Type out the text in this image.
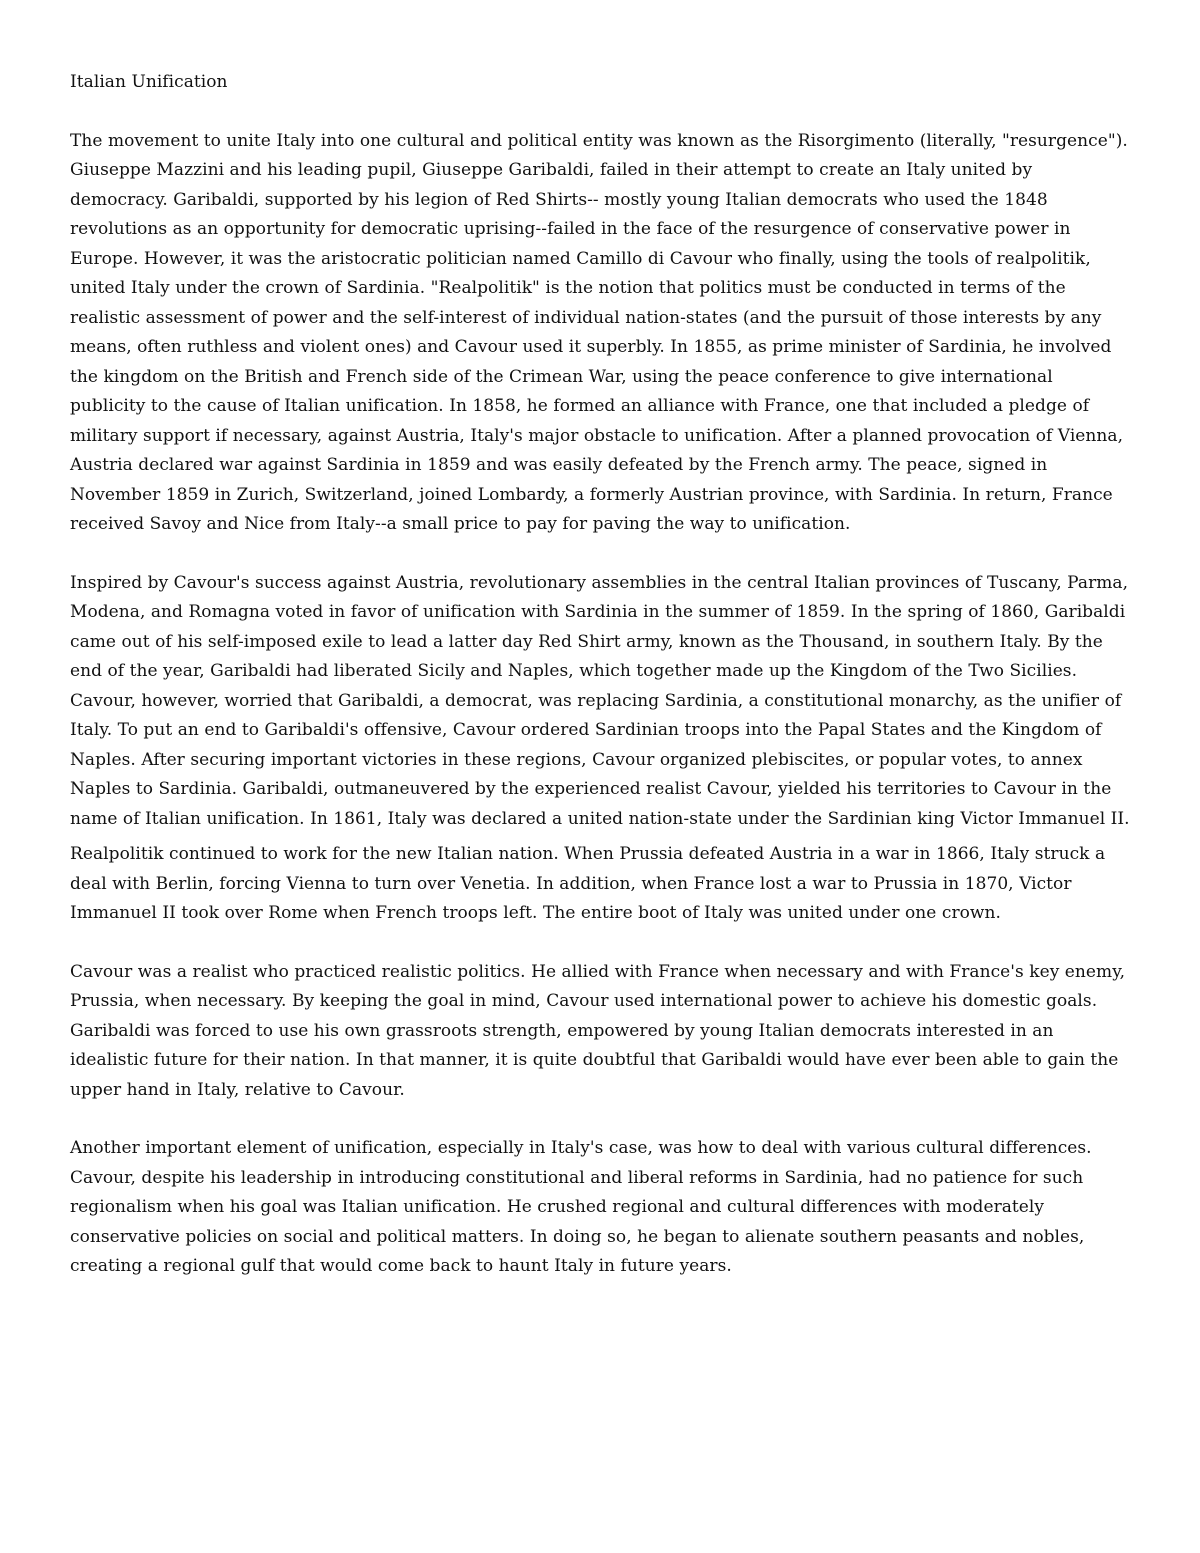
Italian Unification

The movement to unite Italy into one cultural and political entity was known as the Risorgimento (literally, "resurgence"). Giuseppe Mazzini and his leading pupil, Giuseppe Garibaldi, failed in their attempt to create an Italy united by democracy. Garibaldi, supported by his legion of Red Shirts-- mostly young Italian democrats who used the 1848 revolutions as an opportunity for democratic uprising--failed in the face of the resurgence of conservative power in Europe. However, it was the aristocratic politician named Camillo di Cavour who finally, using the tools of realpolitik, united Italy under the crown of Sardinia. "Realpolitik" is the notion that politics must be conducted in terms of the realistic assessment of power and the self-interest of individual nation-states (and the pursuit of those interests by any means, often ruthless and violent ones) and Cavour used it superbly. In 1855, as prime minister of Sardinia, he involved the kingdom on the British and French side of the Crimean War, using the peace conference to give international publicity to the cause of Italian unification. In 1858, he formed an alliance with France, one that included a pledge of military support if necessary, against Austria, Italy's major obstacle to unification. After a planned provocation of Vienna, Austria declared war against Sardinia in 1859 and was easily defeated by the French army. The peace, signed in November 1859 in Zurich, Switzerland, joined Lombardy, a formerly Austrian province, with Sardinia. In return, France received Savoy and Nice from Italy--a small price to pay for paving the way to unification.

Inspired by Cavour's success against Austria, revolutionary assemblies in the central Italian provinces of Tuscany, Parma, Modena, and Romagna voted in favor of unification with Sardinia in the summer of 1859. In the spring of 1860, Garibaldi came out of his self-imposed exile to lead a latter day Red Shirt army, known as the Thousand, in southern Italy. By the end of the year, Garibaldi had liberated Sicily and Naples, which together made up the Kingdom of the Two Sicilies. Cavour, however, worried that Garibaldi, a democrat, was replacing Sardinia, a constitutional monarchy, as the unifier of Italy. To put an end to Garibaldi's offensive, Cavour ordered Sardinian troops into the Papal States and the Kingdom of Naples. After securing important victories in these regions, Cavour organized plebiscites, or popular votes, to annex Naples to Sardinia. Garibaldi, outmaneuvered by the experienced realist Cavour, yielded his territories to Cavour in the name of Italian unification. In 1861, Italy was declared a united nation-state under the Sardinian king Victor Immanuel II.

Realpolitik continued to work for the new Italian nation. When Prussia defeated Austria in a war in 1866, Italy struck a deal with Berlin, forcing Vienna to turn over Venetia. In addition, when France lost a war to Prussia in 1870, Victor Immanuel II took over Rome when French troops left. The entire boot of Italy was united under one crown.

Cavour was a realist who practiced realistic politics. He allied with France when necessary and with France's key enemy, Prussia, when necessary. By keeping the goal in mind, Cavour used international power to achieve his domestic goals. Garibaldi was forced to use his own grassroots strength, empowered by young Italian democrats interested in an idealistic future for their nation. In that manner, it is quite doubtful that Garibaldi would have ever been able to gain the upper hand in Italy, relative to Cavour.

Another important element of unification, especially in Italy's case, was how to deal with various cultural differences. Cavour, despite his leadership in introducing constitutional and liberal reforms in Sardinia, had no patience for such regionalism when his goal was Italian unification. He crushed regional and cultural differences with moderately conservative policies on social and political matters. In doing so, he began to alienate southern peasants and nobles, creating a regional gulf that would come back to haunt Italy in future years.
